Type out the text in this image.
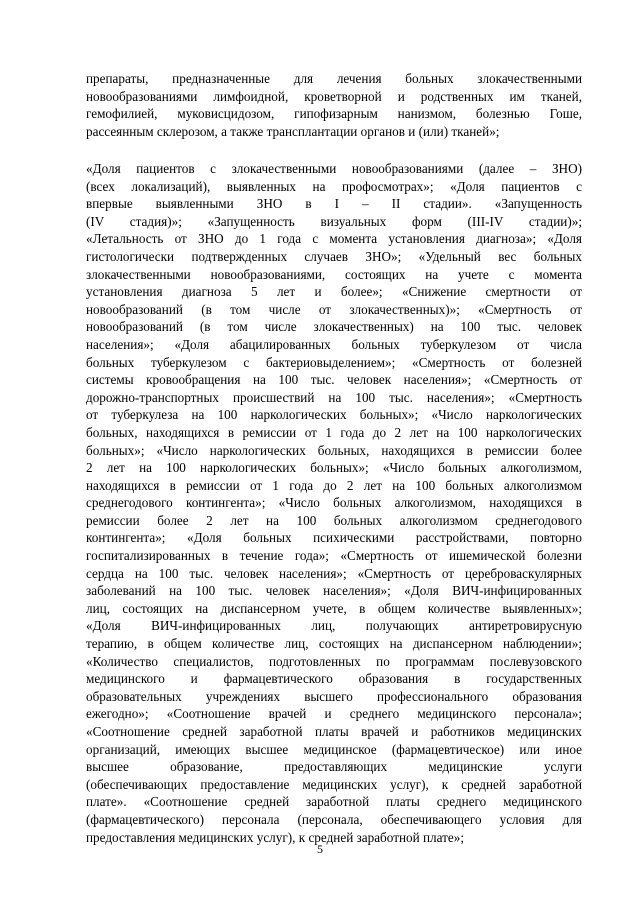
препараты, предназначенные для лечения больных злокачественными
новообразованиями лимфоидной, кроветворной и родственных им тканей,
гемофилией, муковисцидозом, гипофизарным нанизмом, болезнью Гоше,
рассеянным склерозом, а также трансплантации органов и (или) тканей»;
«Доля пациентов с злокачественными новообразованиями (далее – ЗНО)
(всех локализаций), выявленных на профосмотрах»; «Доля пациентов с
впервые выявленными ЗНО в I – II стадии». «Запущенность
(IV стадия)»; «Запущенность визуальных форм (III-IV стадии)»;
«Летальность от ЗНО до 1 года с момента установления диагноза»; «Доля
гистологически подтвержденных случаев ЗНО»; «Удельный вес больных
злокачественными новообразованиями, состоящих на учете с момента
установления диагноза 5 лет и более»; «Снижение смертности от
новообразований (в том числе от злокачественных)»; «Смертность от
новообразований (в том числе злокачественных) на 100 тыс. человек
населения»; «Доля абацилированных больных туберкулезом от числа
больных туберкулезом с бактериовыделением»; «Смертность от болезней
системы кровообращения на 100 тыс. человек населения»; «Смертность от
дорожно-транспортных происшествий на 100 тыс. населения»; «Смертность
от туберкулеза на 100 наркологических больных»; «Число наркологических
больных, находящихся в ремиссии от 1 года до 2 лет на 100 наркологических
больных»; «Число наркологических больных, находящихся в ремиссии более
2 лет на 100 наркологических больных»; «Число больных алкоголизмом,
находящихся в ремиссии от 1 года до 2 лет на 100 больных алкоголизмом
среднегодового контингента»; «Число больных алкоголизмом, находящихся в
ремиссии более 2 лет на 100 больных алкоголизмом среднегодового
контингента»; «Доля больных психическими расстройствами, повторно
госпитализированных в течение года»; «Смертность от ишемической болезни
сердца на 100 тыс. человек населения»; «Смертность от цереброваскулярных
заболеваний на 100 тыс. человек населения»; «Доля ВИЧ-инфицированных
лиц, состоящих на диспансерном учете, в общем количестве выявленных»;
«Доля ВИЧ-инфицированных лиц, получающих антиретровирусную
терапию, в общем количестве лиц, состоящих на диспансерном наблюдении»;
«Количество специалистов, подготовленных по программам послевузовского
медицинского и фармацевтического образования в государственных
образовательных учреждениях высшего профессионального образования
ежегодно»; «Соотношение врачей и среднего медицинского персонала»;
«Соотношение средней заработной платы врачей и работников медицинских
организаций, имеющих высшее медицинское (фармацевтическое) или иное
высшее образование, предоставляющих медицинские услуги
(обеспечивающих предоставление медицинских услуг), к средней заработной
плате». «Соотношение средней заработной платы среднего медицинского
(фармацевтического) персонала (персонала, обеспечивающего условия для
предоставления медицинских услуг), к средней заработной плате»;
5
